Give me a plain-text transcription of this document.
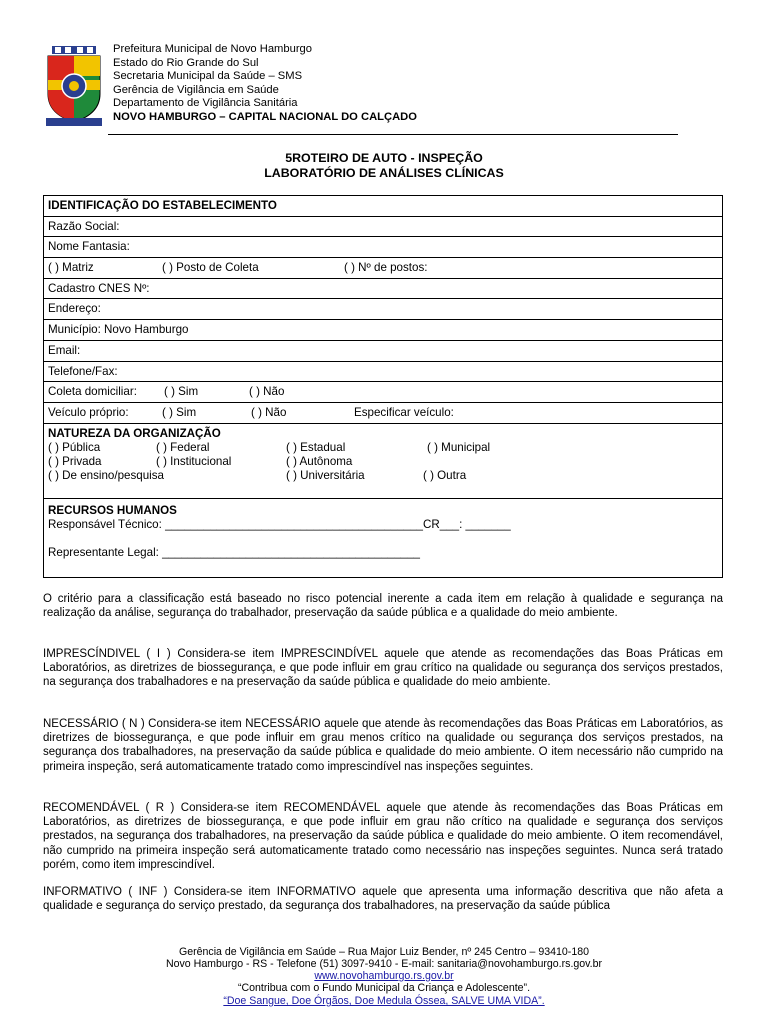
Prefeitura Municipal de Novo Hamburgo
Estado do Rio Grande do Sul
Secretaria Municipal da Saúde – SMS
Gerência de Vigilância em Saúde
Departamento de Vigilância Sanitária
NOVO HAMBURGO – CAPITAL NACIONAL DO CALÇADO
5ROTEIRO DE AUTO - INSPEÇÃO
LABORATÓRIO DE ANÁLISES CLÍNICAS
IDENTIFICAÇÃO DO ESTABELECIMENTO
Razão Social:
Nome Fantasia:
( ) Matriz	( ) Posto de Coleta	( ) Nº de postos:
Cadastro CNES Nº:
Endereço:
Município: Novo Hamburgo
Email:
Telefone/Fax:
Coleta domiciliar: ( ) Sim	( ) Não
Veículo próprio:	( ) Sim	( ) Não	Especificar veículo:
NATUREZA DA ORGANIZAÇÃO
( ) Pública	( ) Federal	( ) Estadual	( ) Municipal
( ) Privada	( ) Institucional	( ) Autônoma
( ) De ensino/pesquisa	( ) Universitária	( ) Outra
RECURSOS HUMANOS
Responsável Técnico: ________________________________________CR___: _______
Representante Legal: ________________________________________

O critério para a classificação está baseado no risco potencial inerente a cada item em relação à qualidade e segurança na realização da análise, segurança do trabalhador, preservação da saúde pública e a qualidade do meio ambiente.

IMPRESCÍNDIVEL ( I ) Considera-se item IMPRESCINDÍVEL aquele que atende as recomendações das Boas Práticas em Laboratórios, as diretrizes de biossegurança, e que pode influir em grau crítico na qualidade ou segurança dos serviços prestados, na segurança dos trabalhadores e na preservação da saúde pública e qualidade do meio ambiente.

NECESSÁRIO ( N ) Considera-se item NECESSÁRIO aquele que atende às recomendações das Boas Práticas em Laboratórios, as diretrizes de biossegurança, e que pode influir em grau menos crítico na qualidade ou segurança dos serviços prestados, na segurança dos trabalhadores, na preservação da saúde pública e qualidade do meio ambiente. O item necessário não cumprido na primeira inspeção, será automaticamente tratado como imprescindível nas inspeções seguintes.

RECOMENDÁVEL ( R ) Considera-se item RECOMENDÁVEL aquele que atende às recomendações das Boas Práticas em Laboratórios, as diretrizes de biossegurança, e que pode influir em grau não crítico na qualidade e segurança dos serviços prestados, na segurança dos trabalhadores, na preservação da saúde pública e qualidade do meio ambiente. O item recomendável, não cumprido na primeira inspeção será automaticamente tratado como necessário nas inspeções seguintes. Nunca será tratado porém, como item imprescindível.

INFORMATIVO ( INF ) Considera-se item INFORMATIVO aquele que apresenta uma informação descritiva que não afeta a qualidade e segurança do serviço prestado, da segurança dos trabalhadores, na preservação da saúde pública

Gerência de Vigilância em Saúde – Rua Major Luiz Bender, nº 245 Centro – 93410-180
Novo Hamburgo - RS - Telefone (51) 3097-9410 - E-mail: sanitaria@novohamburgo.rs.gov.br
www.novohamburgo.rs.gov.br
“Contribua com o Fundo Municipal da Criança e Adolescente”.
“Doe Sangue, Doe Órgãos, Doe Medula Óssea, SALVE UMA VIDA”.
